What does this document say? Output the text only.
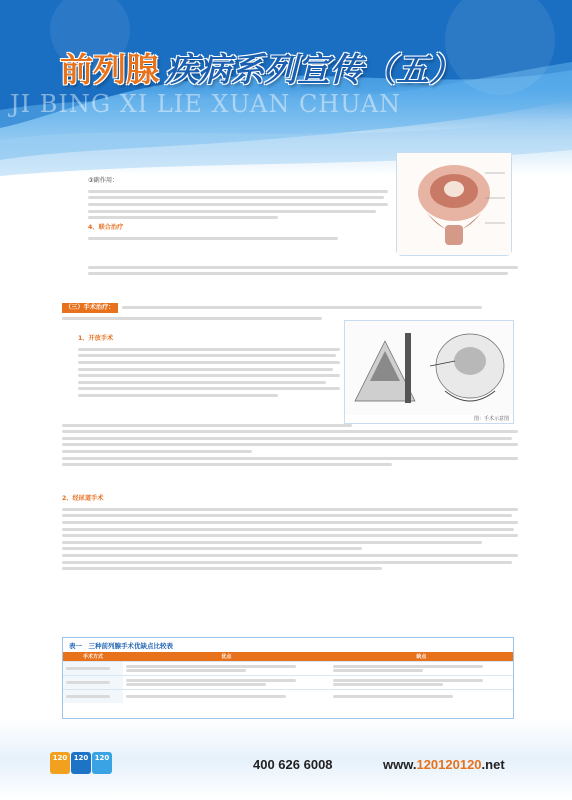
前列腺 疾病系列宣传（五）
JI BING XI LIE XUAN CHUAN
③副作用：
4、联合治疗
（三）手术治疗：
1、开放手术
图：手术示意图
2、经尿道手术
表一　三种前列腺手术优缺点比较表
手术方式	优点	缺点

120 120 120	400 626 6008	www.120120120.net
